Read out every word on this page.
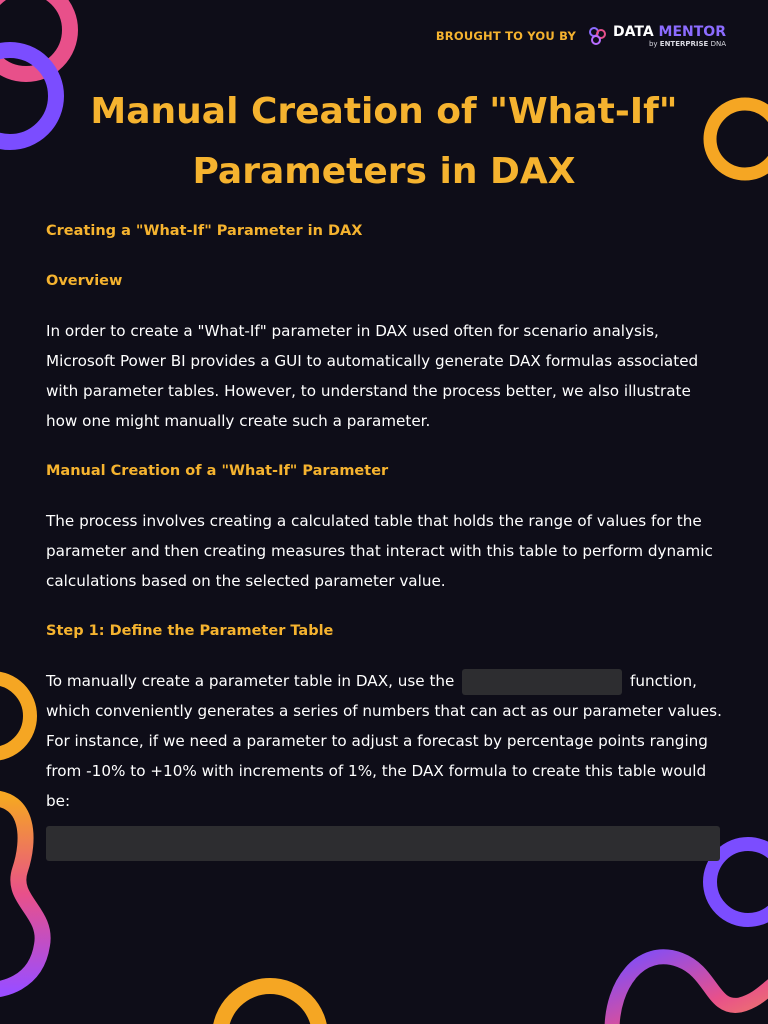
BROUGHT TO YOU BY	DATA MENTOR
by ENTERPRISE DNA
Manual Creation of "What-If" Parameters in DAX

Creating a "What-If" Parameter in DAX

Overview

In order to create a "What-If" parameter in DAX used often for scenario analysis, Microsoft Power BI provides a GUI to automatically generate DAX formulas associated with parameter tables. However, to understand the process better, we also illustrate how one might manually create such a parameter.

Manual Creation of a "What-If" Parameter

The process involves creating a calculated table that holds the range of values for the parameter and then creating measures that interact with this table to perform dynamic calculations based on the selected parameter value.

Step 1: Define the Parameter Table

To manually create a parameter table in DAX, use the	function, which conveniently generates a series of numbers that can act as our parameter values. For instance, if we need a parameter to adjust a forecast by percentage points ranging from -10% to +10% with increments of 1%, the DAX formula to create this table would be:
